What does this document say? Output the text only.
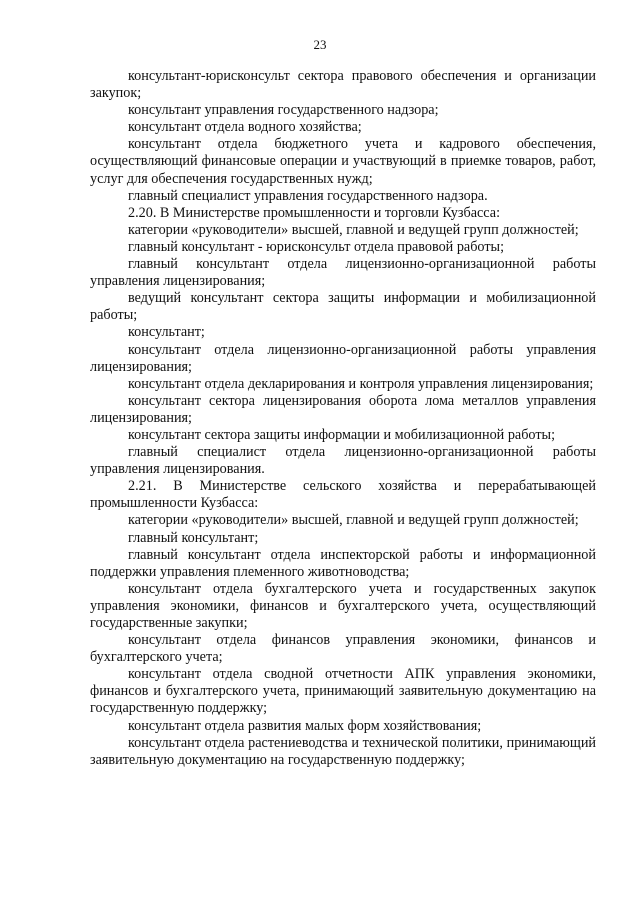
23

консультант-юрисконсульт сектора правового обеспечения и организации закупок;

консультант управления государственного надзора;

консультант отдела водного хозяйства;

консультант отдела бюджетного учета и кадрового обеспечения, осуществляющий финансовые операции и участвующий в приемке товаров, работ, услуг для обеспечения государственных нужд;

главный специалист управления государственного надзора.

2.20. В Министерстве промышленности и торговли Кузбасса:

категории «руководители» высшей, главной и ведущей групп должностей;

главный консультант - юрисконсульт отдела правовой работы;

главный консультант отдела лицензионно-организационной работы управления лицензирования;

ведущий консультант сектора защиты информации и мобилизационной работы;

консультант;

консультант отдела лицензионно-организационной работы управления лицензирования;

консультант отдела декларирования и контроля управления лицензирования;

консультант сектора лицензирования оборота лома металлов управления лицензирования;

консультант сектора защиты информации и мобилизационной работы;

главный специалист отдела лицензионно-организационной работы управления лицензирования.

2.21. В Министерстве сельского хозяйства и перерабатывающей промышленности Кузбасса:

категории «руководители» высшей, главной и ведущей групп должностей;

главный консультант;

главный консультант отдела инспекторской работы и информационной поддержки управления племенного животноводства;

консультант отдела бухгалтерского учета и государственных закупок управления экономики, финансов и бухгалтерского учета, осуществляющий государственные закупки;

консультант отдела финансов управления экономики, финансов и бухгалтерского учета;

консультант отдела сводной отчетности АПК управления экономики, финансов и бухгалтерского учета, принимающий заявительную документацию на государственную поддержку;

консультант отдела развития малых форм хозяйствования;

консультант отдела растениеводства и технической политики, принимающий заявительную документацию на государственную поддержку;
